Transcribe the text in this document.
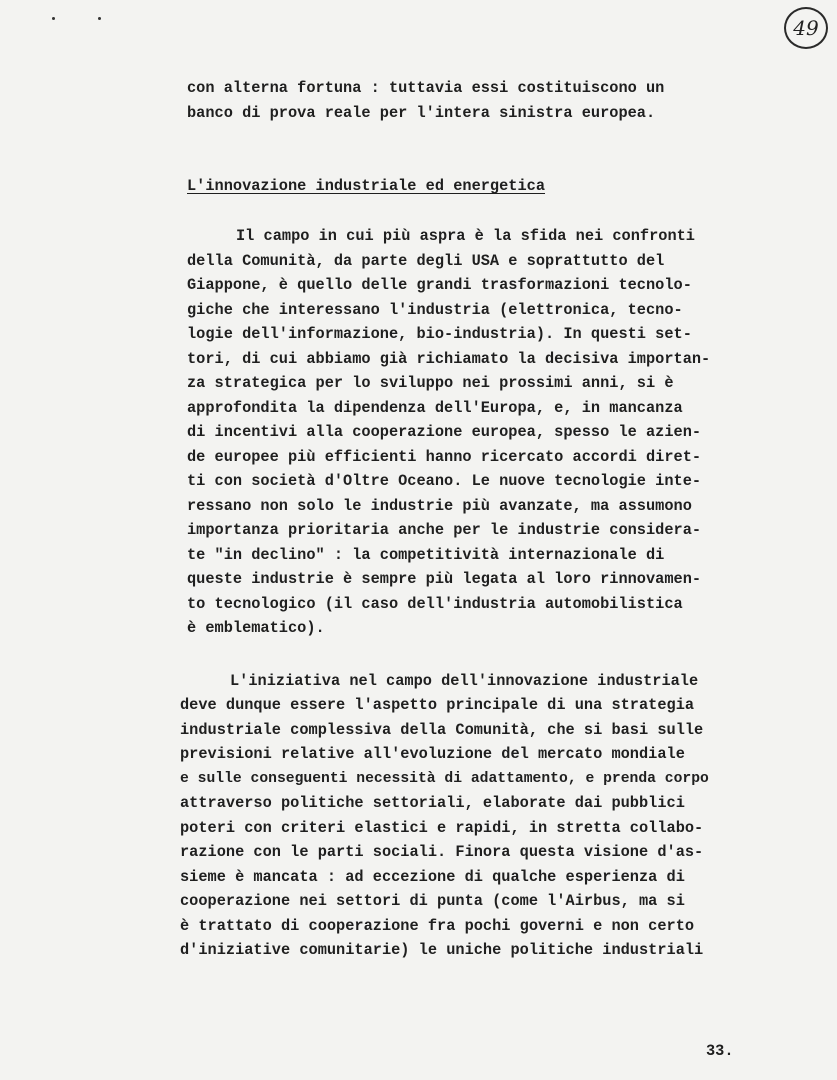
49
con alterna fortuna : tuttavia essi costituiscono un
banco di prova reale per l'intera sinistra europea.
L'innovazione industriale ed energetica
Il campo in cui più aspra è la sfida nei confronti
della Comunità, da parte degli USA e soprattutto del
Giappone, è quello delle grandi trasformazioni tecnolo-
giche che interessano l'industria (elettronica, tecno-
logie dell'informazione, bio-industria). In questi set-
tori, di cui abbiamo già richiamato la decisiva importan-
za strategica per lo sviluppo nei prossimi anni, si è
approfondita la dipendenza dell'Europa, e, in mancanza
di incentivi alla cooperazione europea, spesso le azien-
de europee più efficienti hanno ricercato accordi diret-
ti con società d'Oltre Oceano. Le nuove tecnologie inte-
ressano non solo le industrie più avanzate, ma assumono
importanza prioritaria anche per le industrie considera-
te "in declino" : la competitività internazionale di
queste industrie è sempre più legata al loro rinnovamen-
to tecnologico (il caso dell'industria automobilistica
è emblematico).
L'iniziativa nel campo dell'innovazione industriale
deve dunque essere l'aspetto principale di una strategia
industriale complessiva della Comunità, che si basi sulle
previsioni relative all'evoluzione del mercato mondiale
e sulle conseguenti necessità di adattamento, e prenda corpo
attraverso politiche settoriali, elaborate dai pubblici
poteri con criteri elastici e rapidi, in stretta collabo-
razione con le parti sociali. Finora questa visione d'as-
sieme è mancata : ad eccezione di qualche esperienza di
cooperazione nei settori di punta (come l'Airbus, ma si
è trattato di cooperazione fra pochi governi e non certo
d'iniziative comunitarie) le uniche politiche industriali
33.
